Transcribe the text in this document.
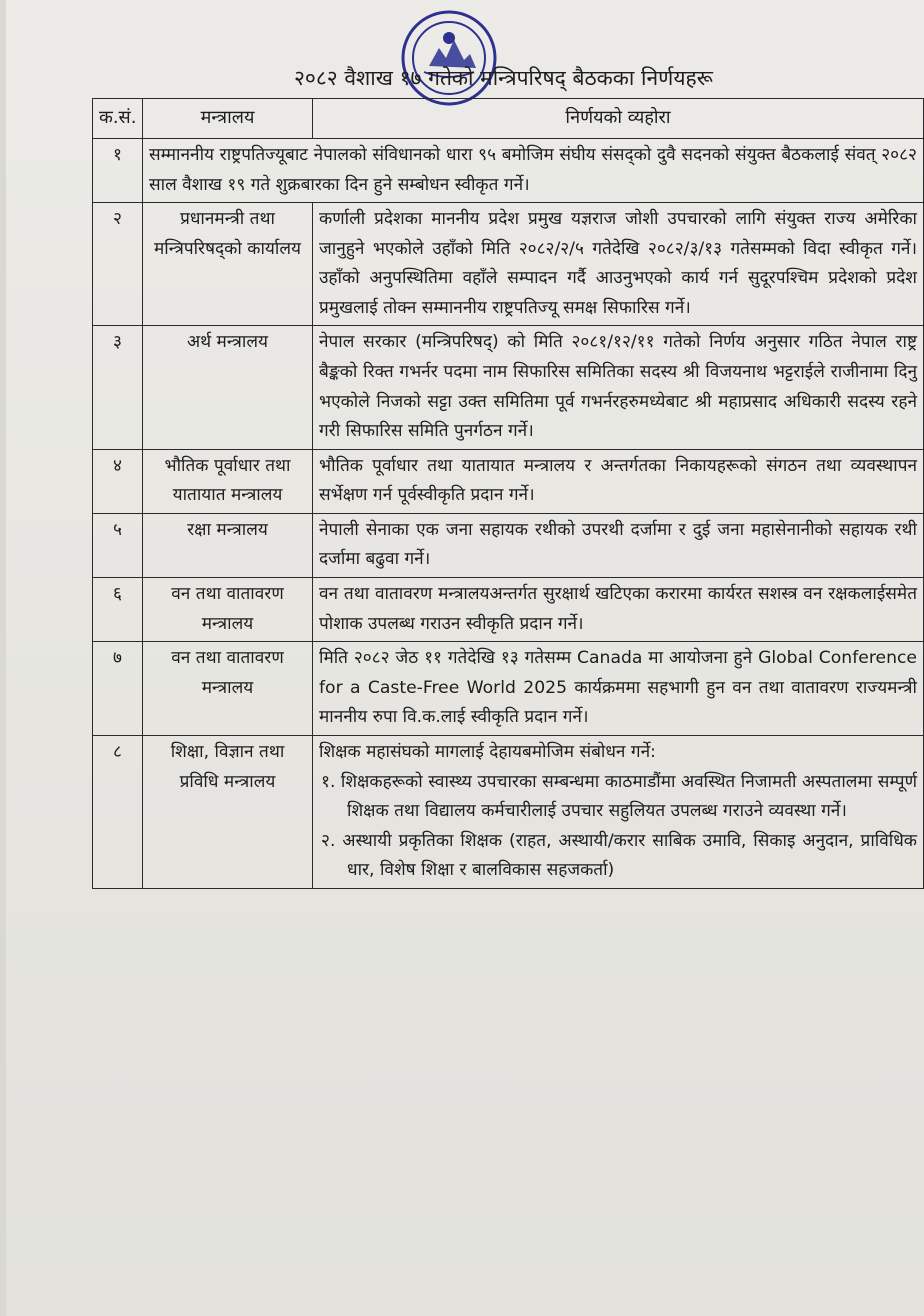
२०८२ वैशाख १७ गतेको मन्त्रिपरिषद् बैठकका निर्णयहरू
क.सं.	मन्त्रालय	निर्णयको व्यहोरा
१	सम्माननीय राष्ट्रपतिज्यूबाट नेपालको संविधानको धारा ९५ बमोजिम संघीय संसद्को दुवै सदनको संयुक्त बैठकलाई संवत् २०८२ साल वैशाख १९ गते शुक्रबारका दिन हुने सम्बोधन स्वीकृत गर्ने।	
२	प्रधानमन्त्री तथा मन्त्रिपरिषद्को कार्यालय	कर्णाली प्रदेशका माननीय प्रदेश प्रमुख यज्ञराज जोशी उपचारको लागि संयुक्त राज्य अमेरिका जानुहुने भएकोले उहाँको मिति २०८२/२/५ गतेदेखि २०८२/३/१३ गतेसम्मको विदा स्वीकृत गर्ने। उहाँको अनुपस्थितिमा वहाँले सम्पादन गर्दै आउनुभएको कार्य गर्न सुदूरपश्चिम प्रदेशको प्रदेश प्रमुखलाई तोक्न सम्माननीय राष्ट्रपतिज्यू समक्ष सिफारिस गर्ने।
३	अर्थ मन्त्रालय	नेपाल सरकार (मन्त्रिपरिषद्) को मिति २०८१/१२/११ गतेको निर्णय अनुसार गठित नेपाल राष्ट्र बैङ्कको रिक्त गभर्नर पदमा नाम सिफारिस समितिका सदस्य श्री विजयनाथ भट्टराईले राजीनामा दिनु भएकोले निजको सट्टा उक्त समितिमा पूर्व गभर्नरहरुमध्येबाट श्री महाप्रसाद अधिकारी सदस्य रहने गरी सिफारिस समिति पुनर्गठन गर्ने।
४	भौतिक पूर्वाधार तथा यातायात मन्त्रालय	भौतिक पूर्वाधार तथा यातायात मन्त्रालय र अन्तर्गतका निकायहरूको संगठन तथा व्यवस्थापन सर्भेक्षण गर्न पूर्वस्वीकृति प्रदान गर्ने।
५	रक्षा मन्त्रालय	नेपाली सेनाका एक जना सहायक रथीको उपरथी दर्जामा र दुई जना महासेनानीको सहायक रथी दर्जामा बढुवा गर्ने।
६	वन तथा वातावरण मन्त्रालय	वन तथा वातावरण मन्त्रालयअन्तर्गत सुरक्षार्थ खटिएका करारमा कार्यरत सशस्त्र वन रक्षकलाईसमेत पोशाक उपलब्ध गराउन स्वीकृति प्रदान गर्ने।
७	वन तथा वातावरण मन्त्रालय	मिति २०८२ जेठ ११ गतेदेखि १३ गतेसम्म Canada मा आयोजना हुने Global Conference for a Caste-Free World 2025 कार्यक्रममा सहभागी हुन वन तथा वातावरण राज्यमन्त्री माननीय रुपा वि.क.लाई स्वीकृति प्रदान गर्ने।
८	शिक्षा, विज्ञान तथा प्रविधि मन्त्रालय	शिक्षक महासंघको मागलाई देहायबमोजिम संबोधन गर्ने:
१. शिक्षकहरूको स्वास्थ्य उपचारका सम्बन्धमा काठमाडौंमा अवस्थित निजामती अस्पतालमा सम्पूर्ण शिक्षक तथा विद्यालय कर्मचारीलाई उपचार सहुलियत उपलब्ध गराउने व्यवस्था गर्ने।
२. अस्थायी प्रकृतिका शिक्षक (राहत, अस्थायी/करार साबिक उमावि, सिकाइ अनुदान, प्राविधिक धार, विशेष शिक्षा र बालविकास सहजकर्ता)
